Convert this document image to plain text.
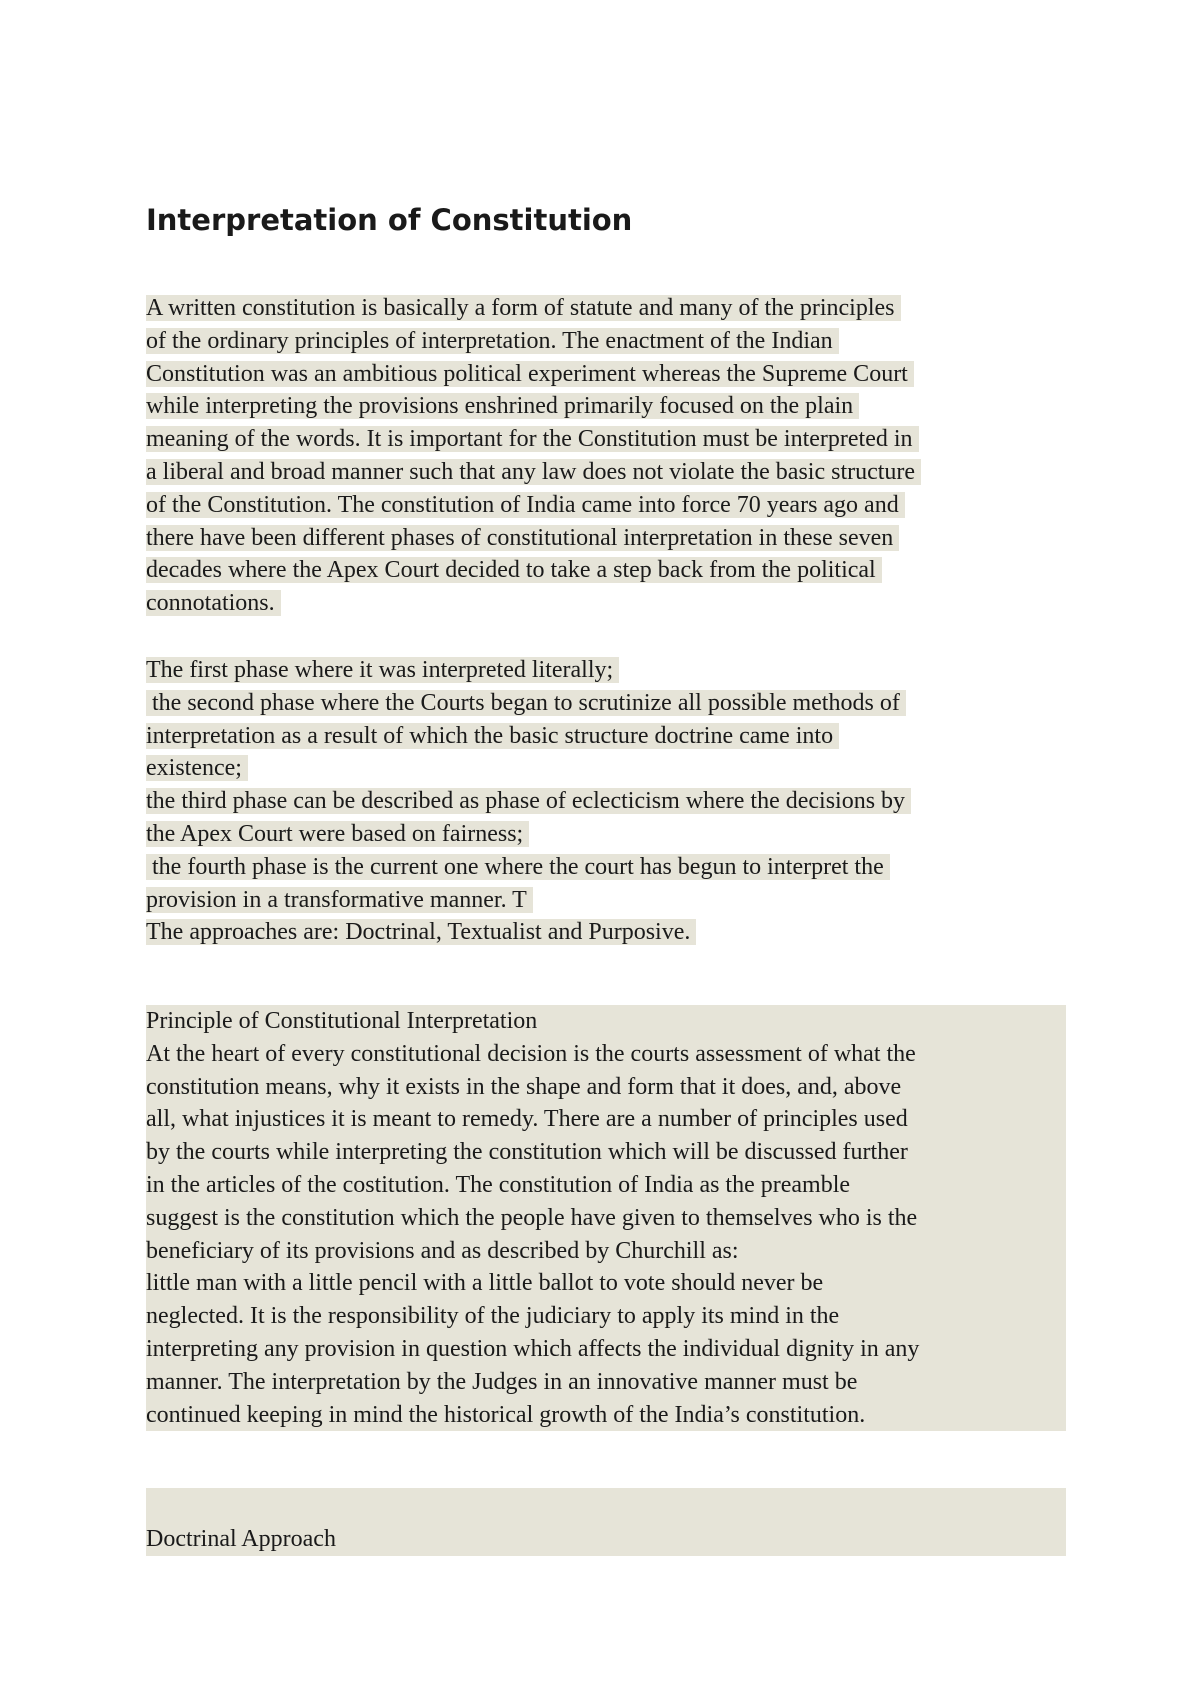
Interpretation of Constitution
A written constitution is basically a form of statute and many of the principles
of the ordinary principles of interpretation. The enactment of the Indian
Constitution was an ambitious political experiment whereas the Supreme Court
while interpreting the provisions enshrined primarily focused on the plain
meaning of the words. It is important for the Constitution must be interpreted in
a liberal and broad manner such that any law does not violate the basic structure
of the Constitution. The constitution of India came into force 70 years ago and
there have been different phases of constitutional interpretation in these seven
decades where the Apex Court decided to take a step back from the political
connotations.
The first phase where it was interpreted literally;
the second phase where the Courts began to scrutinize all possible methods of
interpretation as a result of which the basic structure doctrine came into
existence;
the third phase can be described as phase of eclecticism where the decisions by
the Apex Court were based on fairness;
the fourth phase is the current one where the court has begun to interpret the
provision in a transformative manner. T
The approaches are: Doctrinal, Textualist and Purposive.
Principle of Constitutional Interpretation
At the heart of every constitutional decision is the courts assessment of what the
constitution means, why it exists in the shape and form that it does, and, above
all, what injustices it is meant to remedy. There are a number of principles used
by the courts while interpreting the constitution which will be discussed further
in the articles of the costitution. The constitution of India as the preamble
suggest is the constitution which the people have given to themselves who is the
beneficiary of its provisions and as described by Churchill as:
little man with a little pencil with a little ballot to vote should never be
neglected. It is the responsibility of the judiciary to apply its mind in the
interpreting any provision in question which affects the individual dignity in any
manner. The interpretation by the Judges in an innovative manner must be
continued keeping in mind the historical growth of the India’s constitution.
Doctrinal Approach
